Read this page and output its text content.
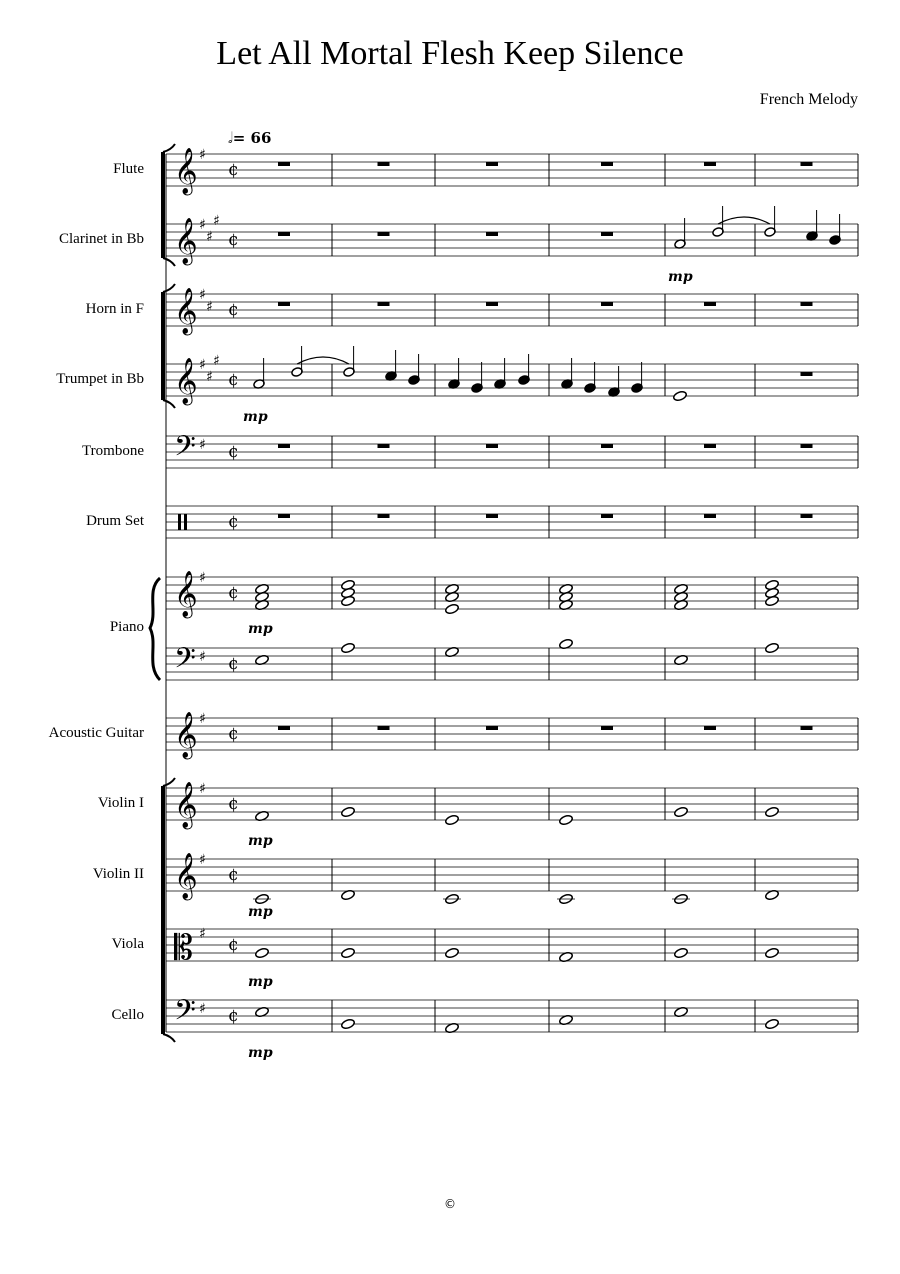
Let All Mortal Flesh Keep Silence
French Melody
𝅗𝅥= 66
Flute
Clarinet in Bb
Horn in F
Trumpet in Bb
Trombone
Drum Set
Piano
Acoustic Guitar
Violin I
Violin II
Viola
Cello
𝄞 ♯
¢
𝄞 ♯
♯
♯
¢
𝄞 ♯
♯ ¢
𝄞 ♯
♯
♯
¢
𝄢 ♯ ¢
¢
𝄞 ♯
¢
𝄢 ♯ ¢
𝄞 ♯
¢
𝄞 ♯
¢
𝄞 ♯
¢
𝄡 ♯
¢
𝄢 ♯ ¢
mp
mp
mp
mp
mp
mp
mp
©
